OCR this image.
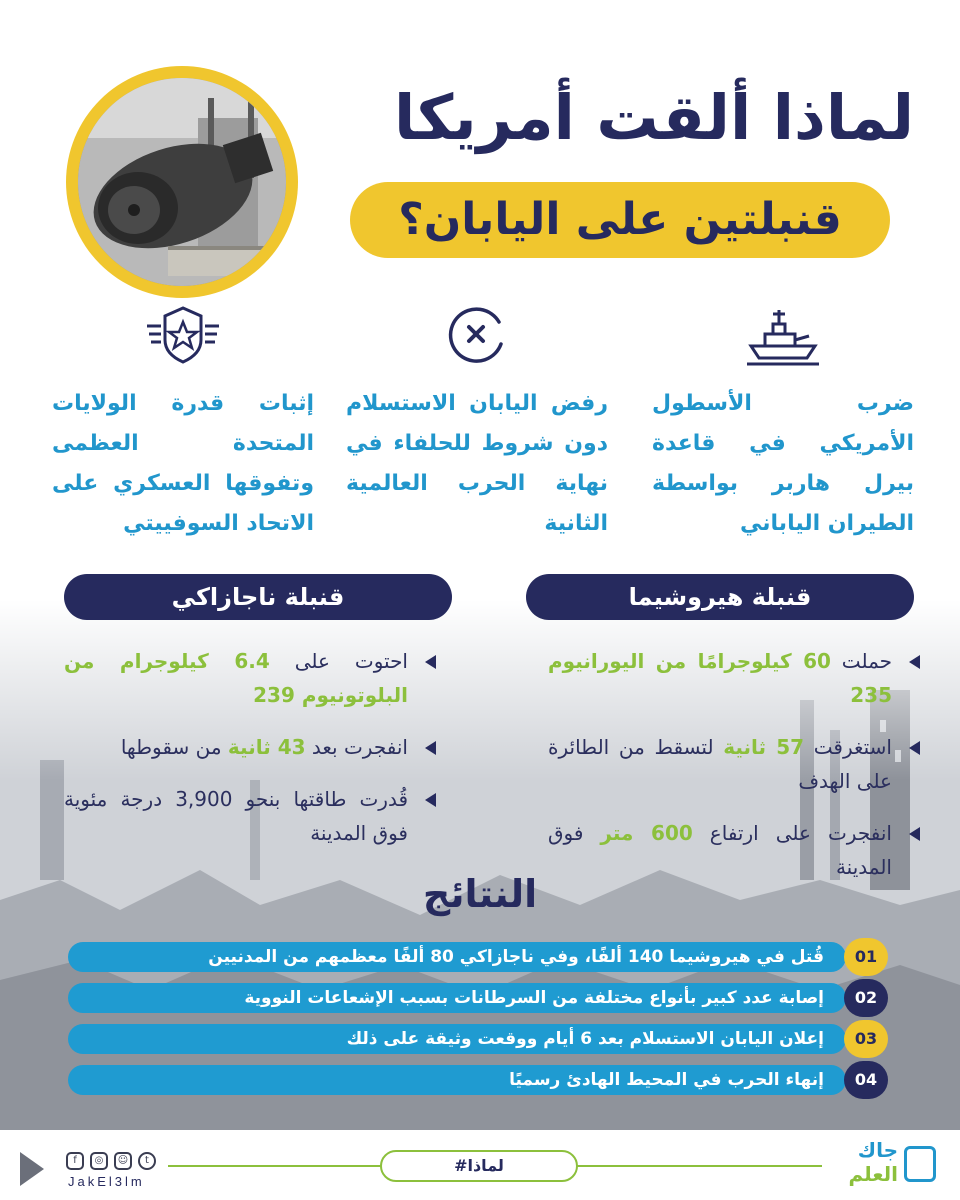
لماذا ألقت أمريكا
قنبلتين على اليابان؟
ضرب الأسطول الأمريكي في قاعدة بيرل هاربر بواسطة الطيران الياباني
رفض اليابان الاستسلام دون شروط للحلفاء في نهاية الحرب العالمية الثانية
إثبات قدرة الولايات المتحدة العظمى وتفوقها العسكري على الاتحاد السوفييتي
قنبلة هيروشيما
قنبلة ناجازاكي
حملت 60 كيلوجرامًا من اليورانيوم 235
استغرقت 57 ثانية لتسقط من الطائرة على الهدف
انفجرت على ارتفاع 600 متر فوق المدينة
احتوت على 6.4 كيلوجرام من البلوتونيوم 239
انفجرت بعد 43 ثانية من سقوطها
قُدرت طاقتها بنحو 3,900 درجة مئوية فوق المدينة
النتائج
قُتل في هيروشيما 140 ألفًا، وفي ناجازاكي 80 ألفًا معظمهم من المدنيين	01
إصابة عدد كبير بأنواع مختلفة من السرطانات بسبب الإشعاعات النووية	02
إعلان اليابان الاستسلام بعد 6 أيام ووقعت وثيقة على ذلك	03
إنهاء الحرب في المحيط الهادئ رسميًا	04
#لماذا
جاك
العلم
f	◎	☺	t
JakEl3lm
